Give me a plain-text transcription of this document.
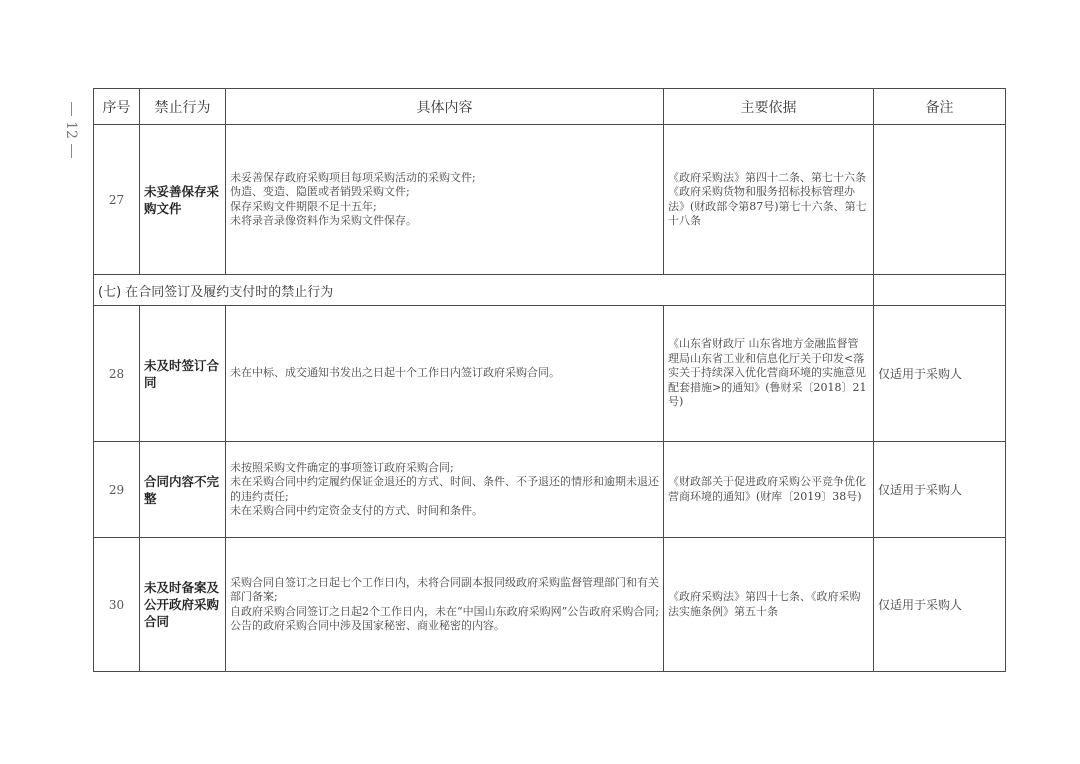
12
序号	禁止行为	具体内容	主要依据	备注
27	未妥善保存采购文件	未妥善保存政府采购项目每项采购活动的采购文件;
伪造、变造、隐匿或者销毁采购文件;
保存采购文件期限不足十五年;
未将录音录像资料作为采购文件保存。	《政府采购法》第四十二条、第七十六条
《政府采购货物和服务招标投标管理办法》(财政部令第87号)第七十六条、第七十八条	

(七) 在合同签订及履约支付时的禁止行为				
28	未及时签订合同	未在中标、成交通知书发出之日起十个工作日内签订政府采购合同。	《山东省财政厅 山东省地方金融监督管理局山东省工业和信息化厅关于印发<落实关于持续深入优化营商环境的实施意见配套措施>的通知》(鲁财采〔2018〕21号)	仅适用于采购人
29	合同内容不完整	未按照采购文件确定的事项签订政府采购合同;
未在采购合同中约定履约保证金退还的方式、时间、条件、不予退还的情形和逾期未退还的违约责任;
未在采购合同中约定资金支付的方式、时间和条件。	《财政部关于促进政府采购公平竞争优化营商环境的通知》(财库〔2019〕38号)	仅适用于采购人
30	未及时备案及公开政府采购合同	采购合同自签订之日起七个工作日内，未将合同副本报同级政府采购监督管理部门和有关部门备案;
自政府采购合同签订之日起2个工作日内，未在“中国山东政府采购网”公告政府采购合同;
公告的政府采购合同中涉及国家秘密、商业秘密的内容。	《政府采购法》第四十七条、《政府采购法实施条例》第五十条	仅适用于采购人
